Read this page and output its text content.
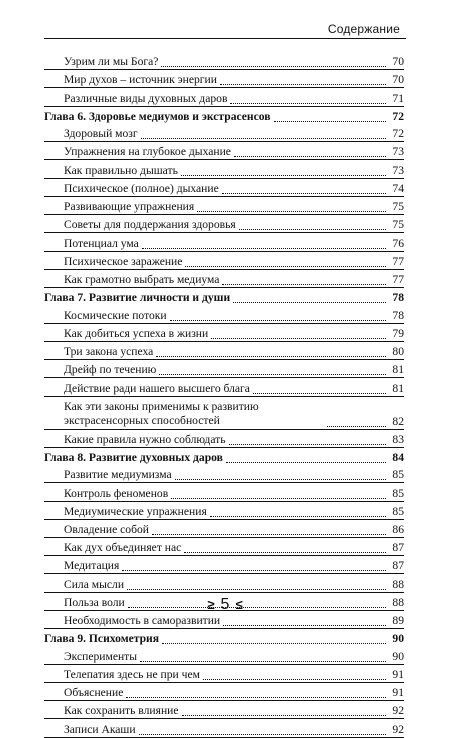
Содержание
Узрим ли мы Бога?	70
Мир духов – источник энергии	70
Различные виды духовных даров	71
Глава 6. Здоровье медиумов и экстрасенсов	72
Здоровый мозг	72
Упражнения на глубокое дыхание	73
Как правильно дышать	73
Психическое (полное) дыхание	74
Развивающие упражнения	75
Советы для поддержания здоровья	75
Потенциал ума	76
Психическое заражение	77
Как грамотно выбрать медиума	77
Глава 7. Развитие личности и души	78
Космические потоки	78
Как добиться успеха в жизни	79
Три закона успеха	80
Дрейф по течению	81
Действие ради нашего высшего блага	81
Как эти законы применимы к развитию экстрасенсорных способностей	82
Какие правила нужно соблюдать	83
Глава 8. Развитие духовных даров	84
Развитие медиумизма	85
Контроль феноменов	85
Медиумические упражнения	85
Овладение собой	86
Как дух объединяет нас	87
Медитация	87
Сила мысли	88
Польза воли	88
Необходимость в саморазвитии	89
Глава 9. Психометрия	90
Эксперименты	90
Телепатия здесь не при чем	91
Объяснение	91
Как сохранить влияние	92
Записи Акаши	92
≥ 5 ≤
